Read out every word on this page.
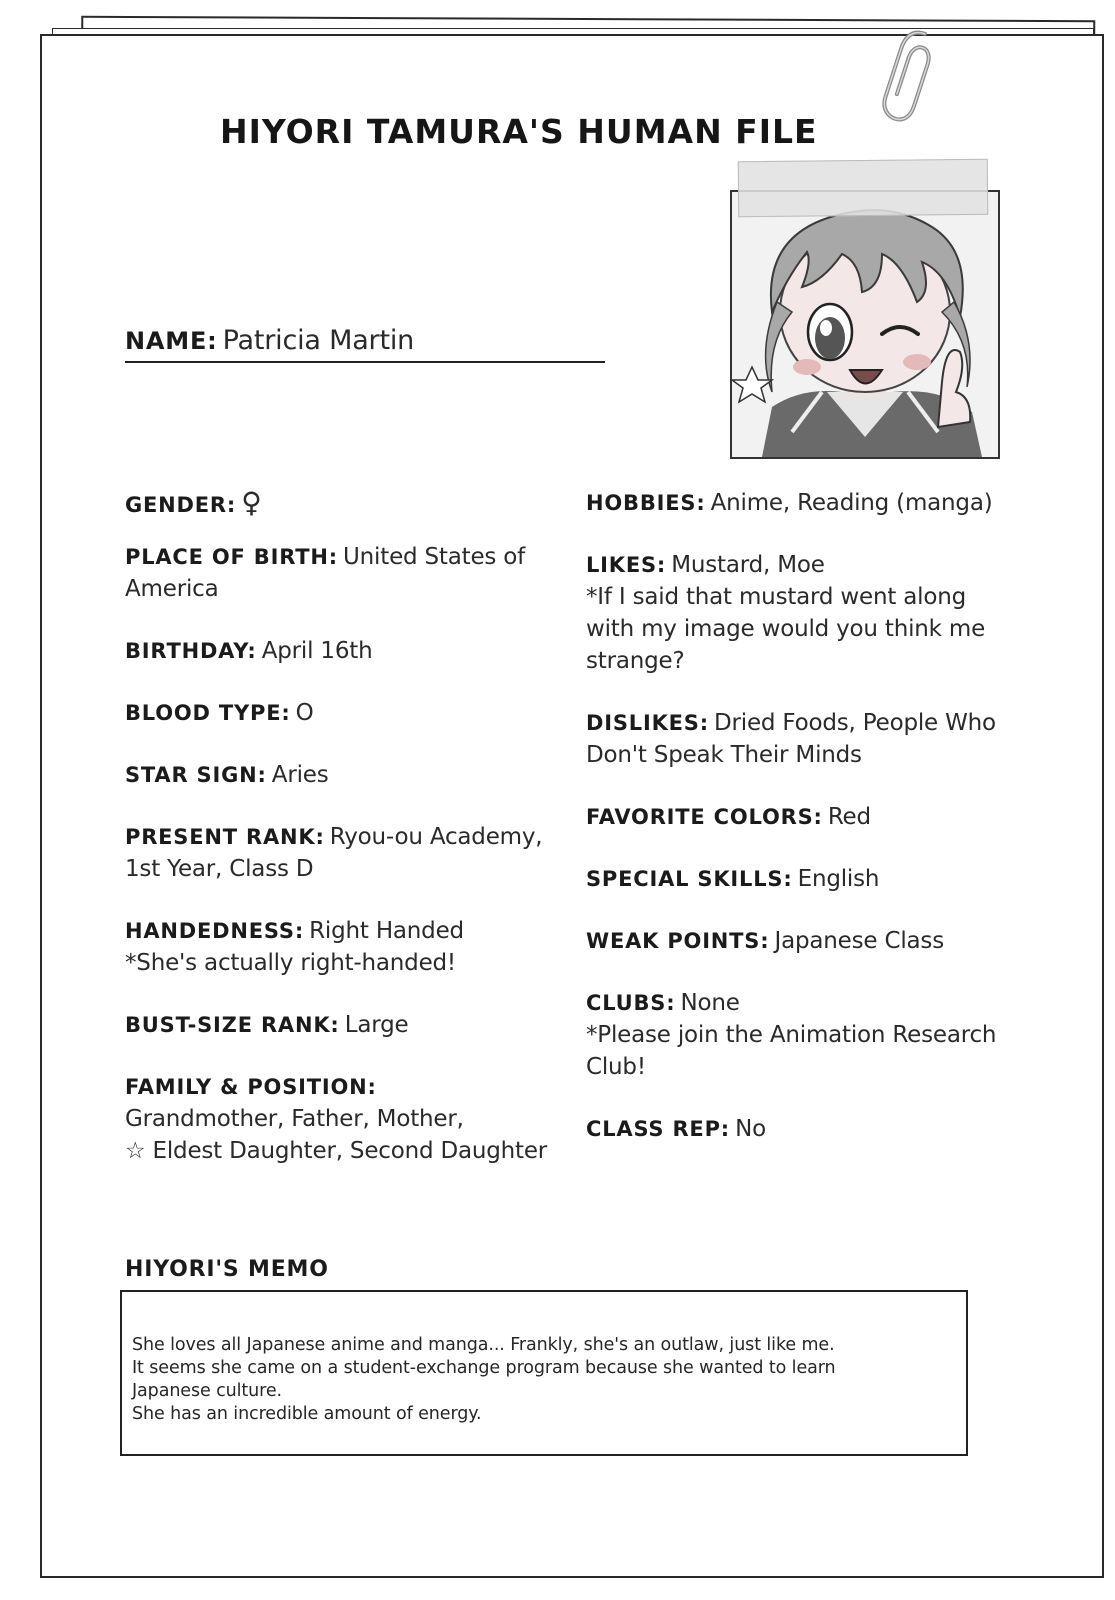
HIYORI TAMURA'S HUMAN FILE
NAME: Patricia Martin

GENDER: ♀

PLACE OF BIRTH: United States of America

BIRTHDAY: April 16th

BLOOD TYPE: O

STAR SIGN: Aries

PRESENT RANK: Ryou-ou Academy, 1st Year, Class D

HANDEDNESS: Right Handed
*She's actually right-handed!

BUST-SIZE RANK: Large

FAMILY & POSITION:
Grandmother, Father, Mother,
☆ Eldest Daughter, Second Daughter

HOBBIES: Anime, Reading (manga)

LIKES: Mustard, Moe
*If I said that mustard went along with my image would you think me strange?

DISLIKES: Dried Foods, People Who Don't Speak Their Minds

FAVORITE COLORS: Red

SPECIAL SKILLS: English

WEAK POINTS: Japanese Class

CLUBS: None
*Please join the Animation Research Club!

CLASS REP: No

HIYORI'S MEMO
She loves all Japanese anime and manga... Frankly, she's an outlaw, just like me.
It seems she came on a student-exchange program because she wanted to learn
Japanese culture.
She has an incredible amount of energy.
